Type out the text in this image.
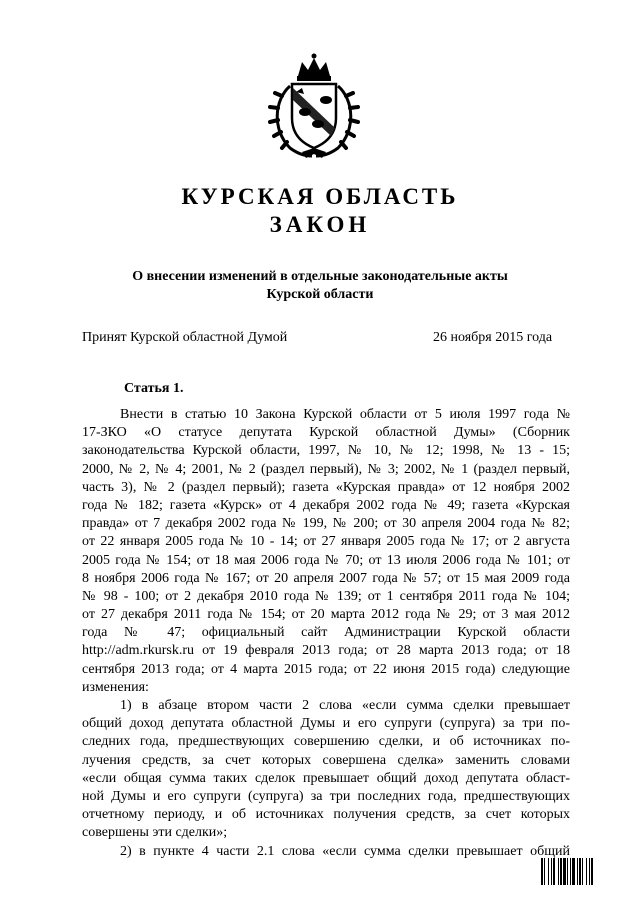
КУРСКАЯ ОБЛАСТЬ
ЗАКОН
О внесении изменений в отдельные законодательные акты
Курской области
Принят Курской областной Думой	26 ноября 2015 года
Статья 1.
Внести в статью 10 Закона Курской области от 5 июля 1997 года №
17-ЗКО «О статусе депутата Курской областной Думы» (Сборник
законодательства Курской области, 1997, № 10, № 12; 1998, № 13 - 15;
2000, № 2, № 4; 2001, № 2 (раздел первый), № 3; 2002, № 1 (раздел первый,
часть 3), № 2 (раздел первый); газета «Курская правда» от 12 ноября 2002
года № 182; газета «Курск» от 4 декабря 2002 года № 49; газета «Курская
правда» от 7 декабря 2002 года № 199, № 200; от 30 апреля 2004 года № 82;
от 22 января 2005 года № 10 - 14; от 27 января 2005 года № 17; от 2 августа
2005 года № 154; от 18 мая 2006 года № 70; от 13 июля 2006 года № 101; от
8 ноября 2006 года № 167; от 20 апреля 2007 года № 57; от 15 мая 2009 года
№ 98 - 100; от 2 декабря 2010 года № 139; от 1 сентября 2011 года № 104;
от 27 декабря 2011 года № 154; от 20 марта 2012 года № 29; от 3 мая 2012
года № 47; официальный сайт Администрации Курской области
http://adm.rkursk.ru от 19 февраля 2013 года; от 28 марта 2013 года; от 18
сентября 2013 года; от 4 марта 2015 года; от 22 июня 2015 года) следующие
изменения:
1) в абзаце втором части 2 слова «если сумма сделки превышает
общий доход депутата областной Думы и его супруги (супруга) за три по-
следних года, предшествующих совершению сделки, и об источниках по-
лучения средств, за счет которых совершена сделка» заменить словами
«если общая сумма таких сделок превышает общий доход депутата област-
ной Думы и его супруги (супруга) за три последних года, предшествующих
отчетному периоду, и об источниках получения средств, за счет которых
совершены эти сделки»;
2) в пункте 4 части 2.1 слова «если сумма сделки превышает общий
